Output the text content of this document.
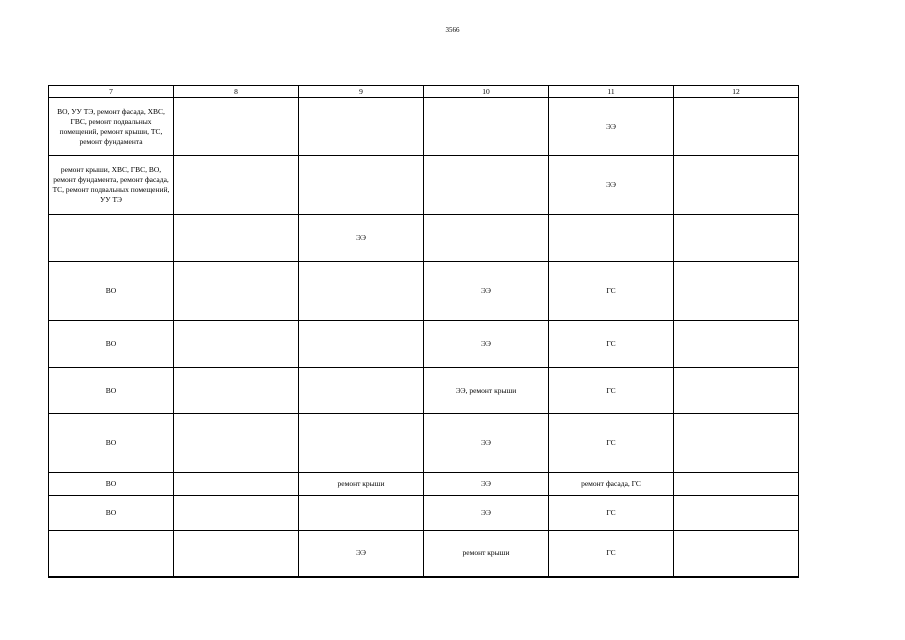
3566
7	8	9	10	11	12
ВО, УУ ТЭ, ремонт фасада, ХВС, ГВС, ремонт подвальных помещений, ремонт крыши, ТС, ремонт фундамента				ЭЭ	
ремонт крыши, ХВС, ГВС, ВО, ремонт фундамента, ремонт фасада, ТС, ремонт подвальных помещений, УУ ТЭ				ЭЭ	
		ЭЭ			
ВО			ЭЭ	ГС	
ВО			ЭЭ	ГС	
ВО			ЭЭ, ремонт крыши	ГС	
ВО			ЭЭ	ГС	
ВО		ремонт крыши	ЭЭ	ремонт фасада, ГС	
ВО			ЭЭ	ГС	
		ЭЭ	ремонт крыши	ГС	
